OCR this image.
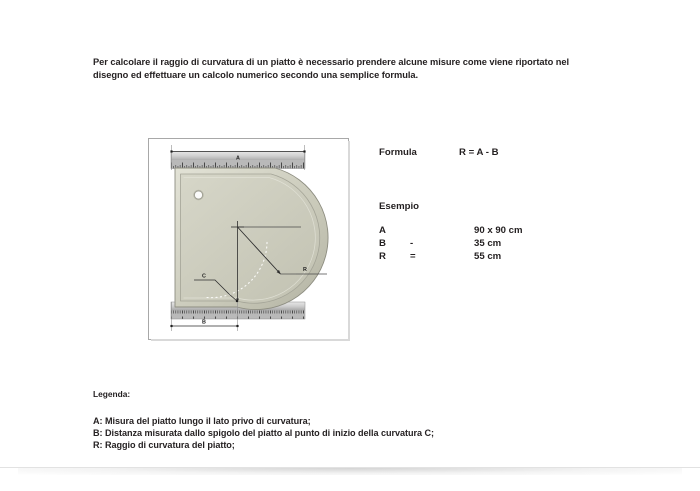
Per calcolare il raggio di curvatura di un piatto è necessario prendere alcune misure come viene riportato nel disegno ed effettuare un calcolo numerico secondo una semplice formula.
A
B
R
C
Formula	R = A - B
Esempio
A		90 x 90 cm
B	-	35 cm
R	=	55 cm
Legenda:
A: Misura del piatto lungo il lato privo di curvatura;
B: Distanza misurata dallo spigolo del piatto al punto di inizio della curvatura C;
R: Raggio di curvatura del piatto;
